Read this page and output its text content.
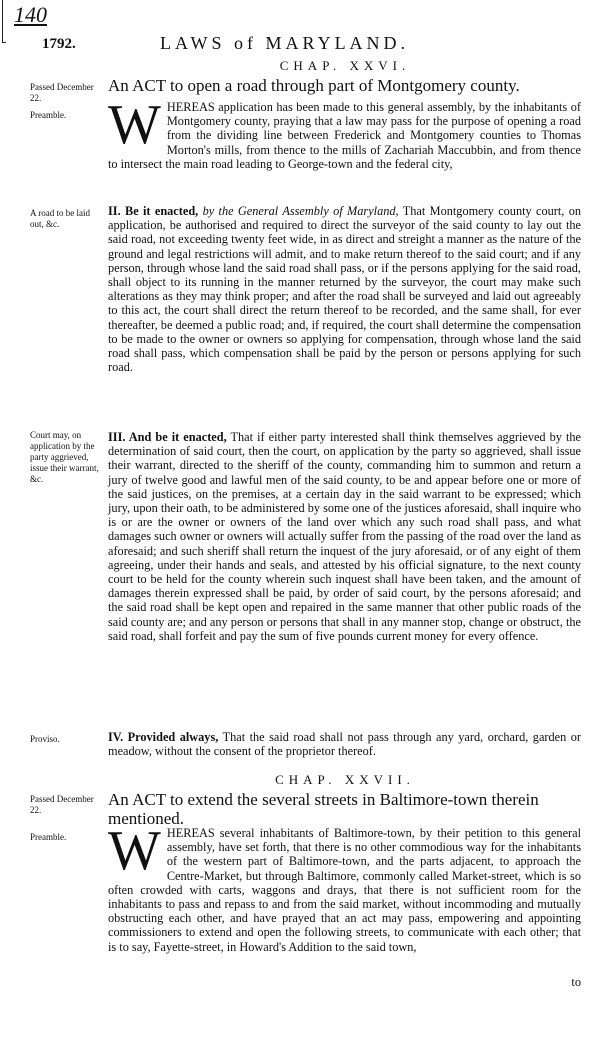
140
1792.	LAWS of MARYLAND.
CHAP. XXVI.
Passed December 22.
An ACT to open a road through part of Montgomery county.
Preamble. WHEREAS application has been made to this general assembly, by the inhabitants of Montgomery county, praying that a law may pass for the purpose of opening a road from the dividing line between Frederick and Montgomery counties to Thomas Morton's mills, from thence to the mills of Zachariah Maccubbin, and from thence to intersect the main road leading to George-town and the federal city,
A road to be laid out, &c.
II. Be it enacted, by the General Assembly of Maryland, That Montgomery county court, on application, be authorised and required to direct the surveyor of the said county to lay out the said road, not exceeding twenty feet wide, in as direct and streight a manner as the nature of the ground and legal restrictions will admit, and to make return thereof to the said court; and if any person, through whose land the said road shall pass, or if the persons applying for the said road, shall object to its running in the manner returned by the surveyor, the court may make such alterations as they may think proper; and after the road shall be surveyed and laid out agreeably to this act, the court shall direct the return thereof to be recorded, and the same shall, for ever thereafter, be deemed a public road; and, if required, the court shall determine the compensation to be made to the owner or owners so applying for compensation, through whose land the said road shall pass, which compensation shall be paid by the person or persons applying for such road.
Court may, on application by the party aggrieved, issue their warrant, &c.
III. And be it enacted, That if either party interested shall think themselves aggrieved by the determination of said court, then the court, on application by the party so aggrieved, shall issue their warrant, directed to the sheriff of the county, commanding him to summon and return a jury of twelve good and lawful men of the said county, to be and appear before one or more of the said justices, on the premises, at a certain day in the said warrant to be expressed; which jury, upon their oath, to be administered by some one of the justices aforesaid, shall inquire who is or are the owner or owners of the land over which any such road shall pass, and what damages such owner or owners will actually suffer from the passing of the road over the land as aforesaid; and such sheriff shall return the inquest of the jury aforesaid, or of any eight of them agreeing, under their hands and seals, and attested by his official signature, to the next county court to be held for the county wherein such inquest shall have been taken, and the amount of damages therein expressed shall be paid, by order of said court, by the persons aforesaid; and the said road shall be kept open and repaired in the same manner that other public roads of the said county are; and any person or persons that shall in any manner stop, change or obstruct, the said road, shall forfeit and pay the sum of five pounds current money for every offence.
Proviso.	IV. Provided always, That the said road shall not pass through any yard, orchard, garden or meadow, without the consent of the proprietor thereof.
CHAP. XXVII.
Passed December 22.
An ACT to extend the several streets in Baltimore-town therein mentioned.
Preamble. WHEREAS several inhabitants of Baltimore-town, by their petition to this general assembly, have set forth, that there is no other commodious way for the inhabitants of the western part of Baltimore-town, and the parts adjacent, to approach the Centre-Market, but through Baltimore, commonly called Market-street, which is so often crowded with carts, waggons and drays, that there is not sufficient room for the inhabitants to pass and repass to and from the said market, without incommoding and mutually obstructing each other, and have prayed that an act may pass, empowering and appointing commissioners to extend and open the following streets, to communicate with each other; that is to say, Fayette-street, in Howard's Addition to the said town,
to
